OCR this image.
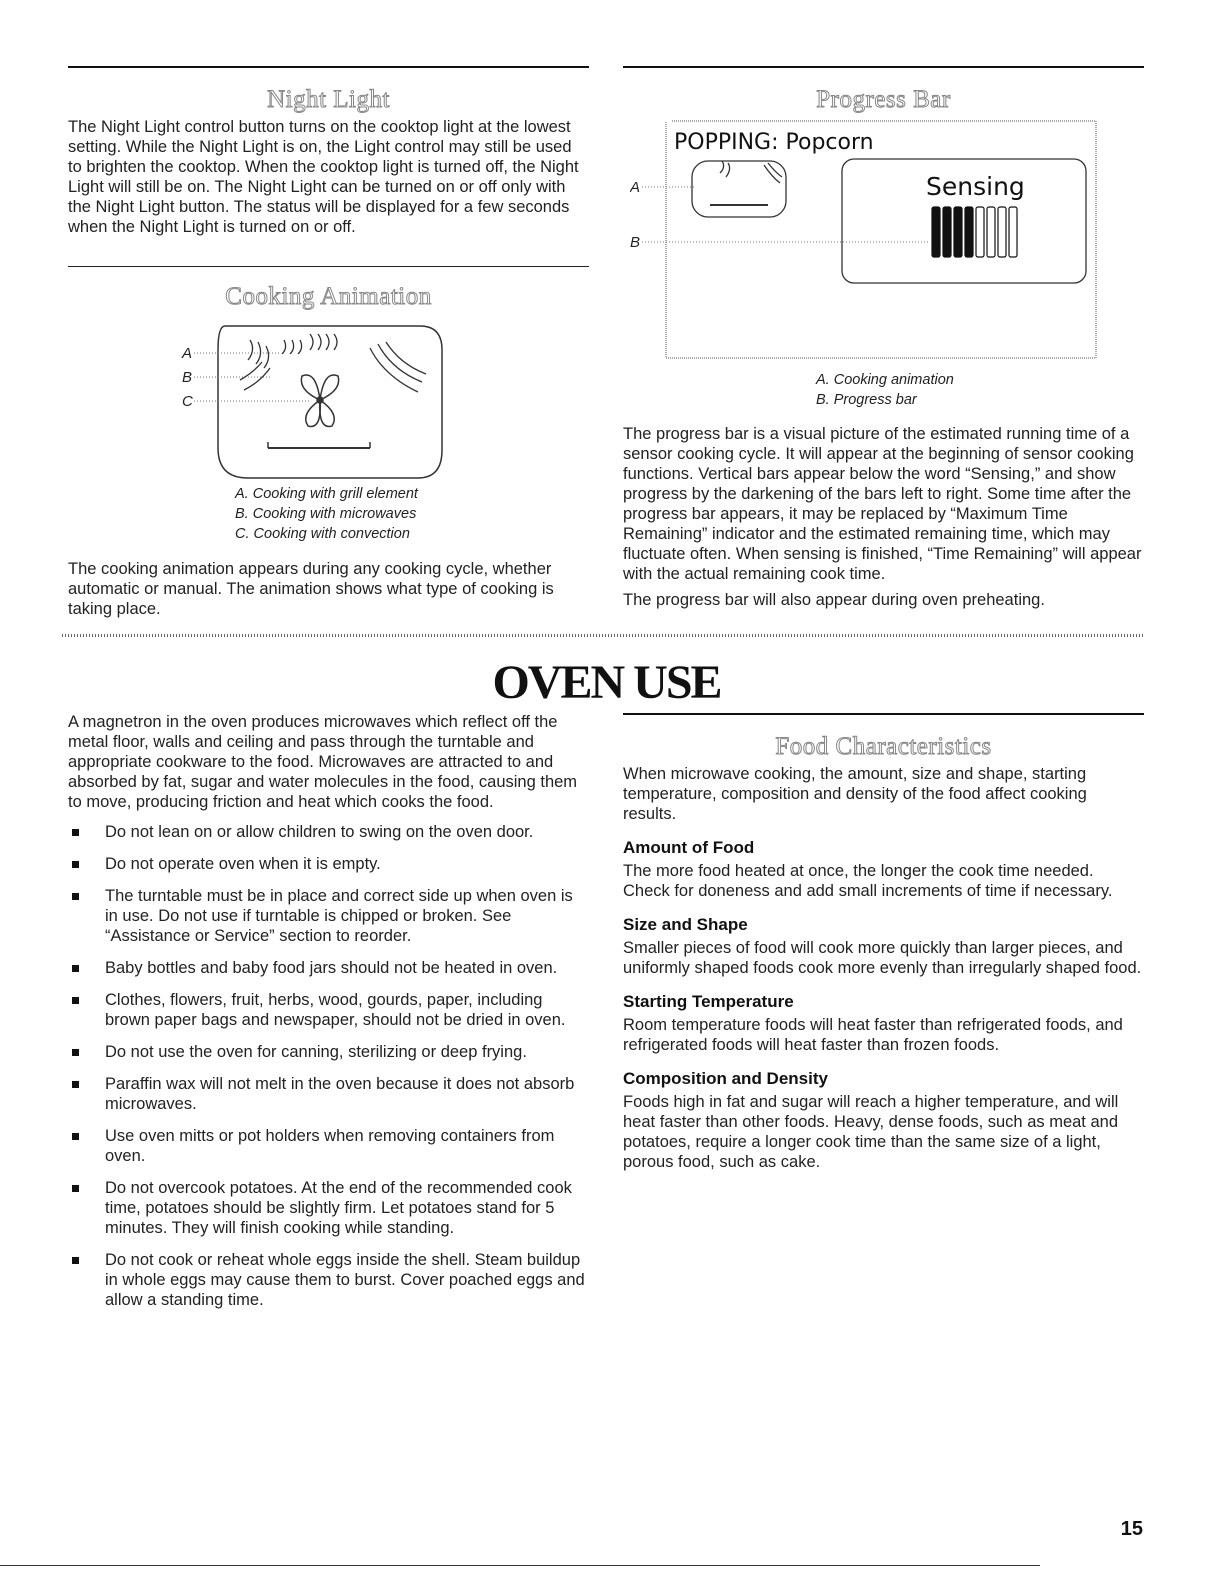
Night Light

The Night Light control button turns on the cooktop light at the lowest setting. While the Night Light is on, the Light control may still be used to brighten the cooktop. When the cooktop light is turned off, the Night Light will still be on. The Night Light can be turned on or off only with the Night Light button. The status will be displayed for a few seconds when the Night Light is turned on or off.

Cooking Animation
A
B
C
A. Cooking with grill element
B. Cooking with microwaves
C. Cooking with convection

The cooking animation appears during any cooking cycle, whether automatic or manual. The animation shows what type of cooking is taking place.

Progress Bar
POPPING: Popcorn
A
B
Sensing
A. Cooking animation
B. Progress bar

The progress bar is a visual picture of the estimated running time of a sensor cooking cycle. It will appear at the beginning of sensor cooking functions. Vertical bars appear below the word “Sensing,” and show progress by the darkening of the bars left to right. Some time after the progress bar appears, it may be replaced by “Maximum Time Remaining” indicator and the estimated remaining time, which may fluctuate often. When sensing is finished, “Time Remaining” will appear with the actual remaining cook time.

The progress bar will also appear during oven preheating.

OVEN USE

A magnetron in the oven produces microwaves which reflect off the metal floor, walls and ceiling and pass through the turntable and appropriate cookware to the food. Microwaves are attracted to and absorbed by fat, sugar and water molecules in the food, causing them to move, producing friction and heat which cooks the food.

Do not lean on or allow children to swing on the oven door.
Do not operate oven when it is empty.
The turntable must be in place and correct side up when oven is in use. Do not use if turntable is chipped or broken. See “Assistance or Service” section to reorder.
Baby bottles and baby food jars should not be heated in oven.
Clothes, flowers, fruit, herbs, wood, gourds, paper, including brown paper bags and newspaper, should not be dried in oven.
Do not use the oven for canning, sterilizing or deep frying.
Paraffin wax will not melt in the oven because it does not absorb microwaves.
Use oven mitts or pot holders when removing containers from oven.
Do not overcook potatoes. At the end of the recommended cook time, potatoes should be slightly firm. Let potatoes stand for 5 minutes. They will finish cooking while standing.
Do not cook or reheat whole eggs inside the shell. Steam buildup in whole eggs may cause them to burst. Cover poached eggs and allow a standing time.
Food Characteristics

When microwave cooking, the amount, size and shape, starting temperature, composition and density of the food affect cooking results.

Amount of Food

The more food heated at once, the longer the cook time needed. Check for doneness and add small increments of time if necessary.

Size and Shape

Smaller pieces of food will cook more quickly than larger pieces, and uniformly shaped foods cook more evenly than irregularly shaped food.

Starting Temperature

Room temperature foods will heat faster than refrigerated foods, and refrigerated foods will heat faster than frozen foods.

Composition and Density

Foods high in fat and sugar will reach a higher temperature, and will heat faster than other foods. Heavy, dense foods, such as meat and potatoes, require a longer cook time than the same size of a light, porous food, such as cake.

15
